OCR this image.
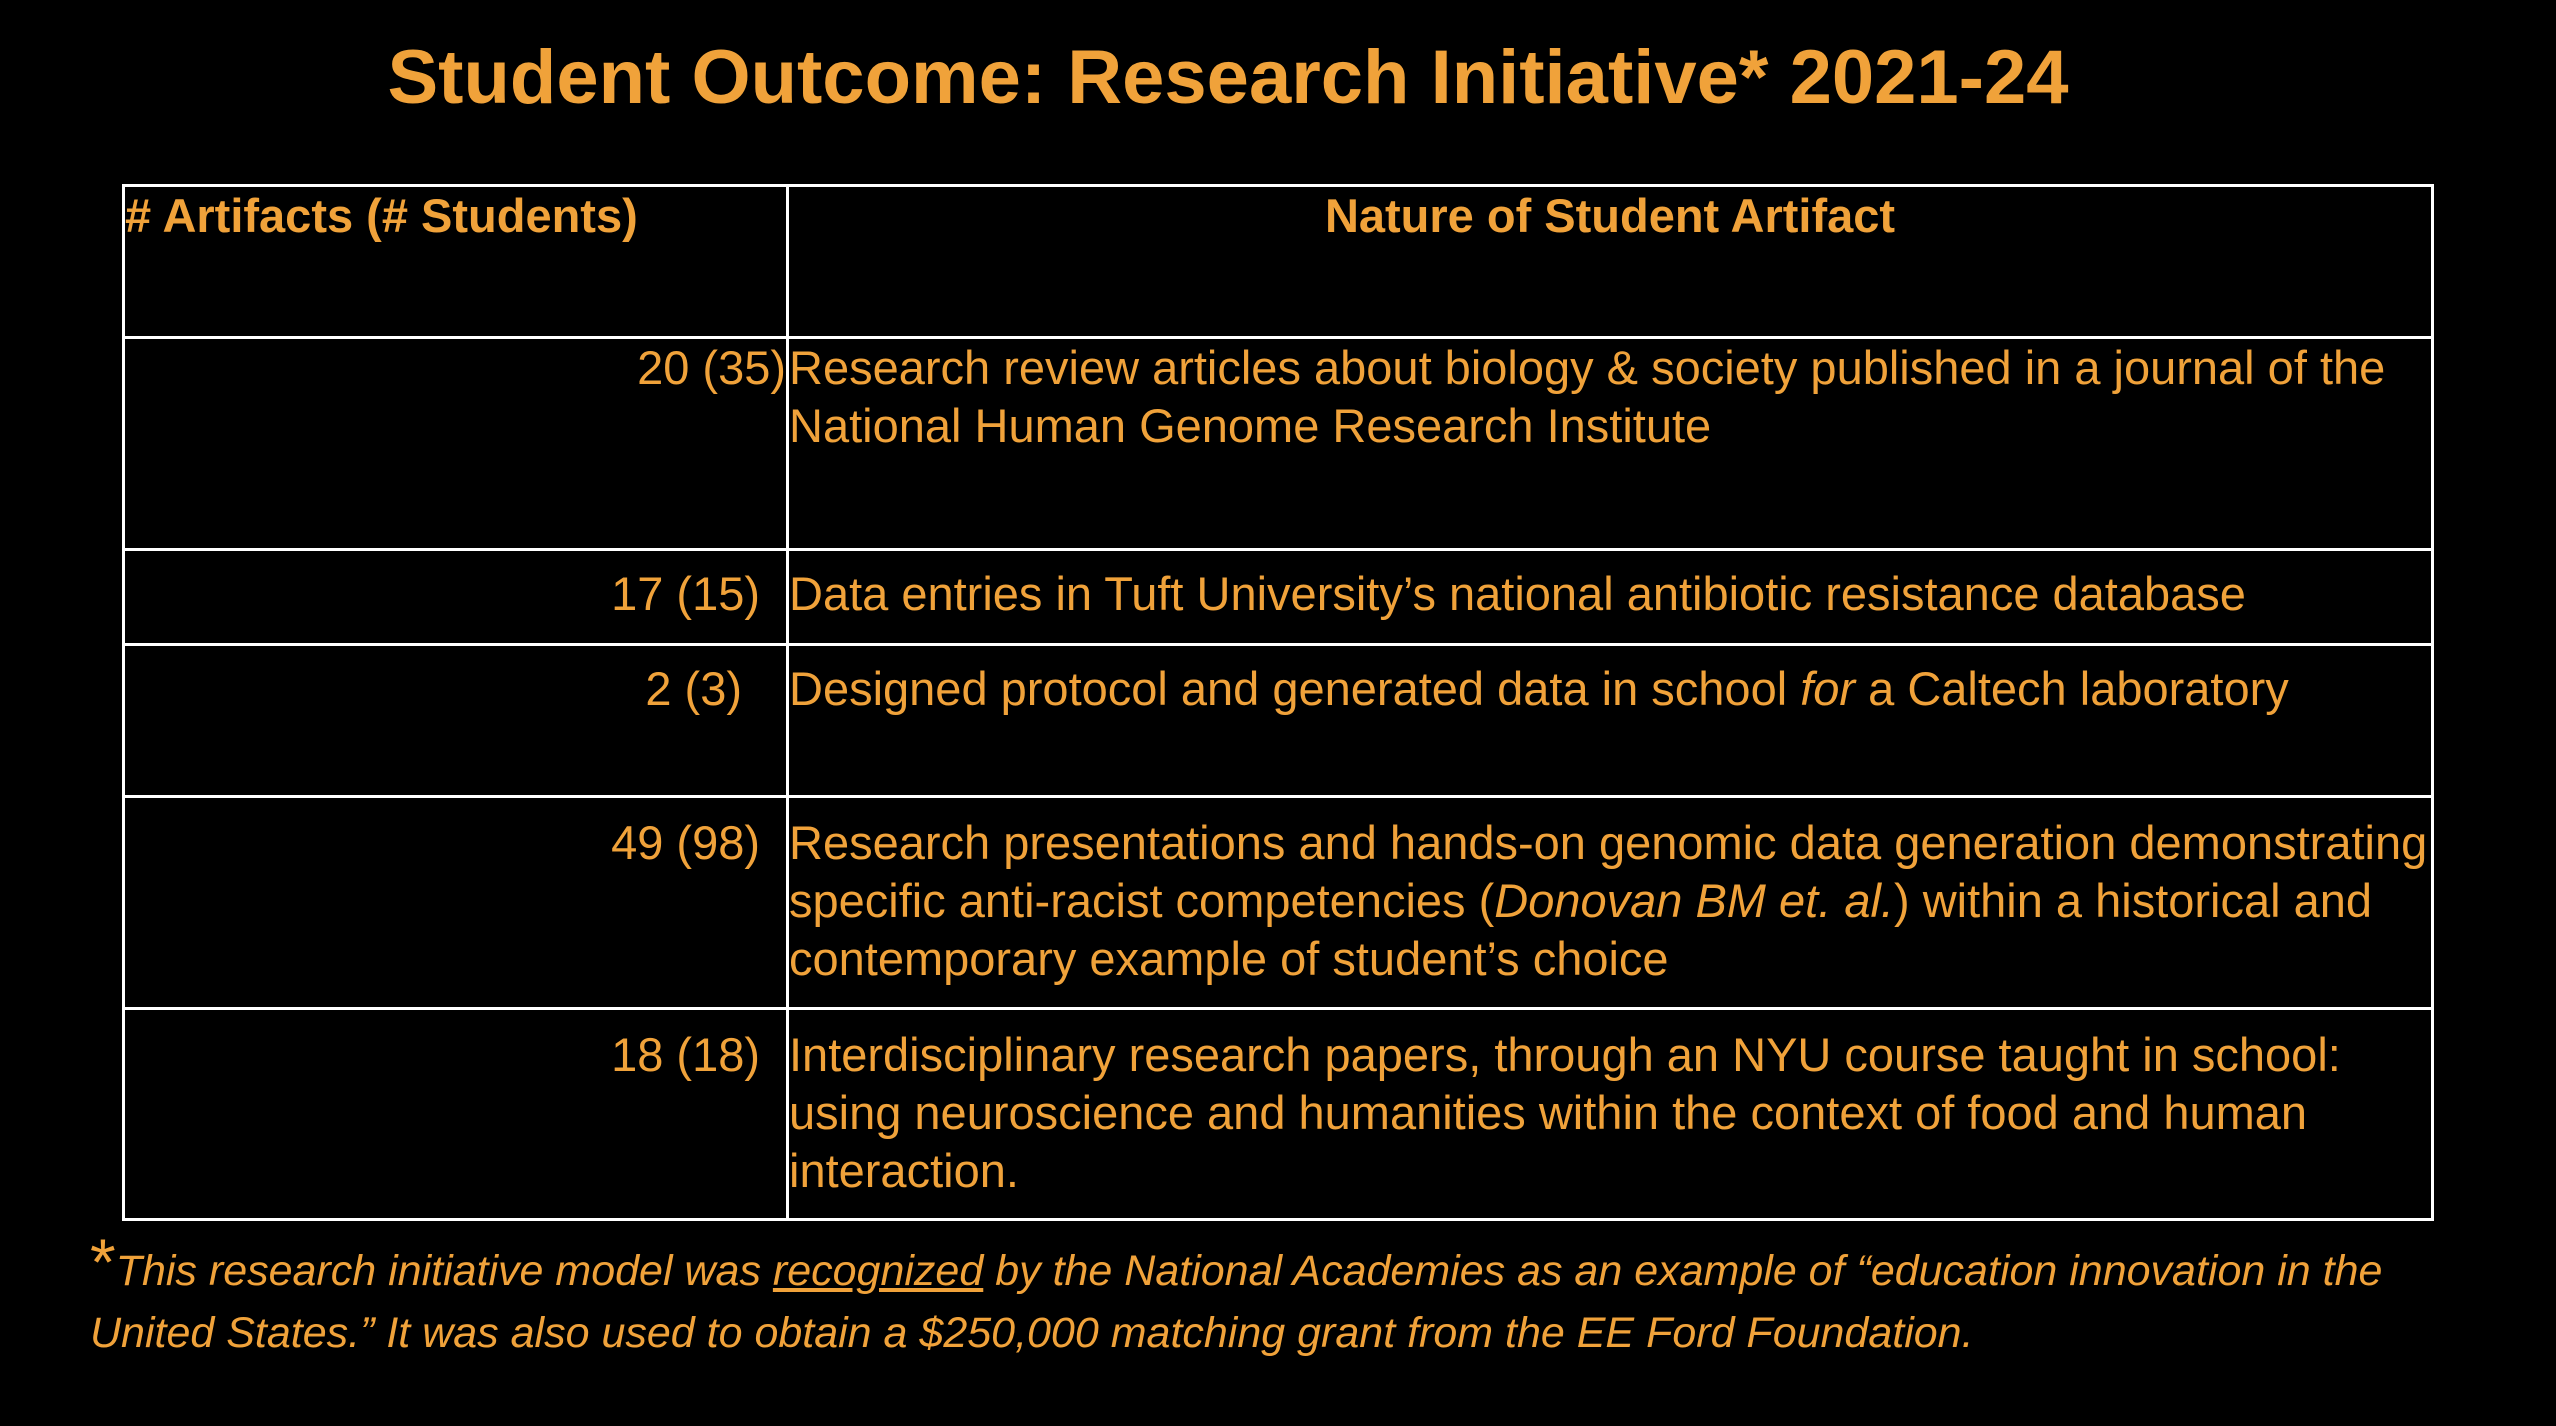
Student Outcome: Research Initiative* 2021-24
# Artifacts (# Students)	Nature of Student Artifact
20 (35)	Research review articles about biology & society published in a journal of the National Human Genome Research Institute
17 (15)	Data entries in Tuft University’s national antibiotic resistance database
2 (3)	Designed protocol and generated data in school for a Caltech laboratory
49 (98)	Research presentations and hands-on genomic data generation demonstrating specific anti-racist competencies (Donovan BM et. al.) within a historical and contemporary example of student’s choice
18 (18)	Interdisciplinary research papers, through an NYU course taught in school: using neuroscience and humanities within the context of food and human interaction.
*This research initiative model was recognized by the National Academies as an example of “education innovation in the United States.” It was also used to obtain a $250,000 matching grant from the EE Ford Foundation.
